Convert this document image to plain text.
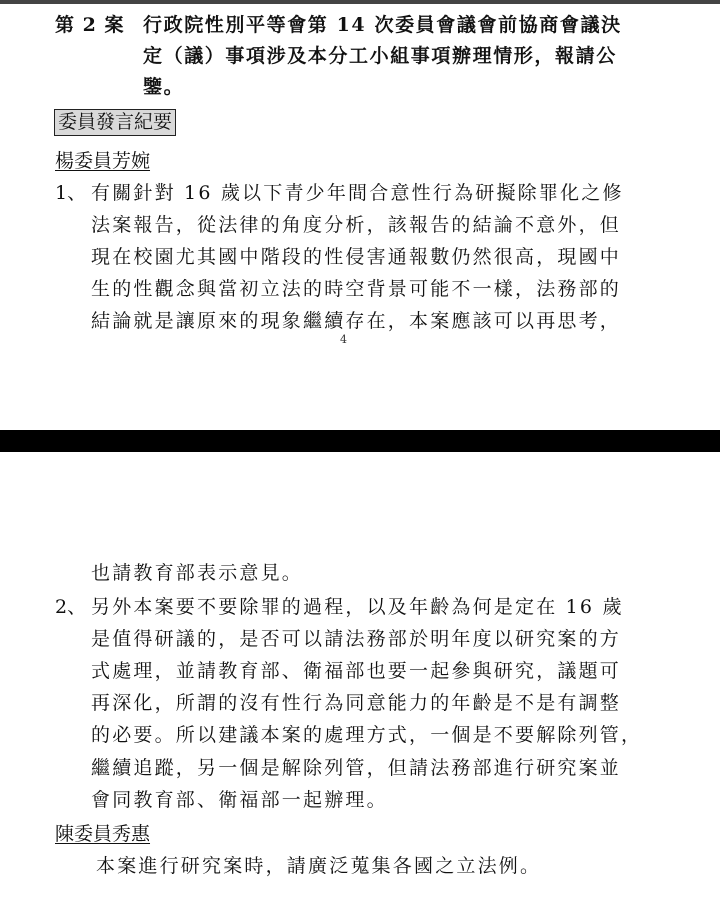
第 2 案 行政院性別平等會第 14 次委員會議會前協商會議決
定（議）事項涉及本分工小組事項辦理情形，報請公
鑒。
委員發言紀要
楊委員芳婉
1、 有關針對 16 歲以下青少年間合意性行為研擬除罪化之修
法案報告，從法律的角度分析，該報告的結論不意外，但
現在校園尤其國中階段的性侵害通報數仍然很高，現國中
生的性觀念與當初立法的時空背景可能不一樣，法務部的
結論就是讓原來的現象繼續存在，本案應該可以再思考，
4
也請教育部表示意見。
2、 另外本案要不要除罪的過程，以及年齡為何是定在 16 歲
是值得研議的，是否可以請法務部於明年度以研究案的方
式處理，並請教育部、衛福部也要一起參與研究，議題可
再深化，所謂的沒有性行為同意能力的年齡是不是有調整
的必要。所以建議本案的處理方式，一個是不要解除列管，
繼續追蹤，另一個是解除列管，但請法務部進行研究案並
會同教育部、衛福部一起辦理。
陳委員秀惠
本案進行研究案時，請廣泛蒐集各國之立法例。
